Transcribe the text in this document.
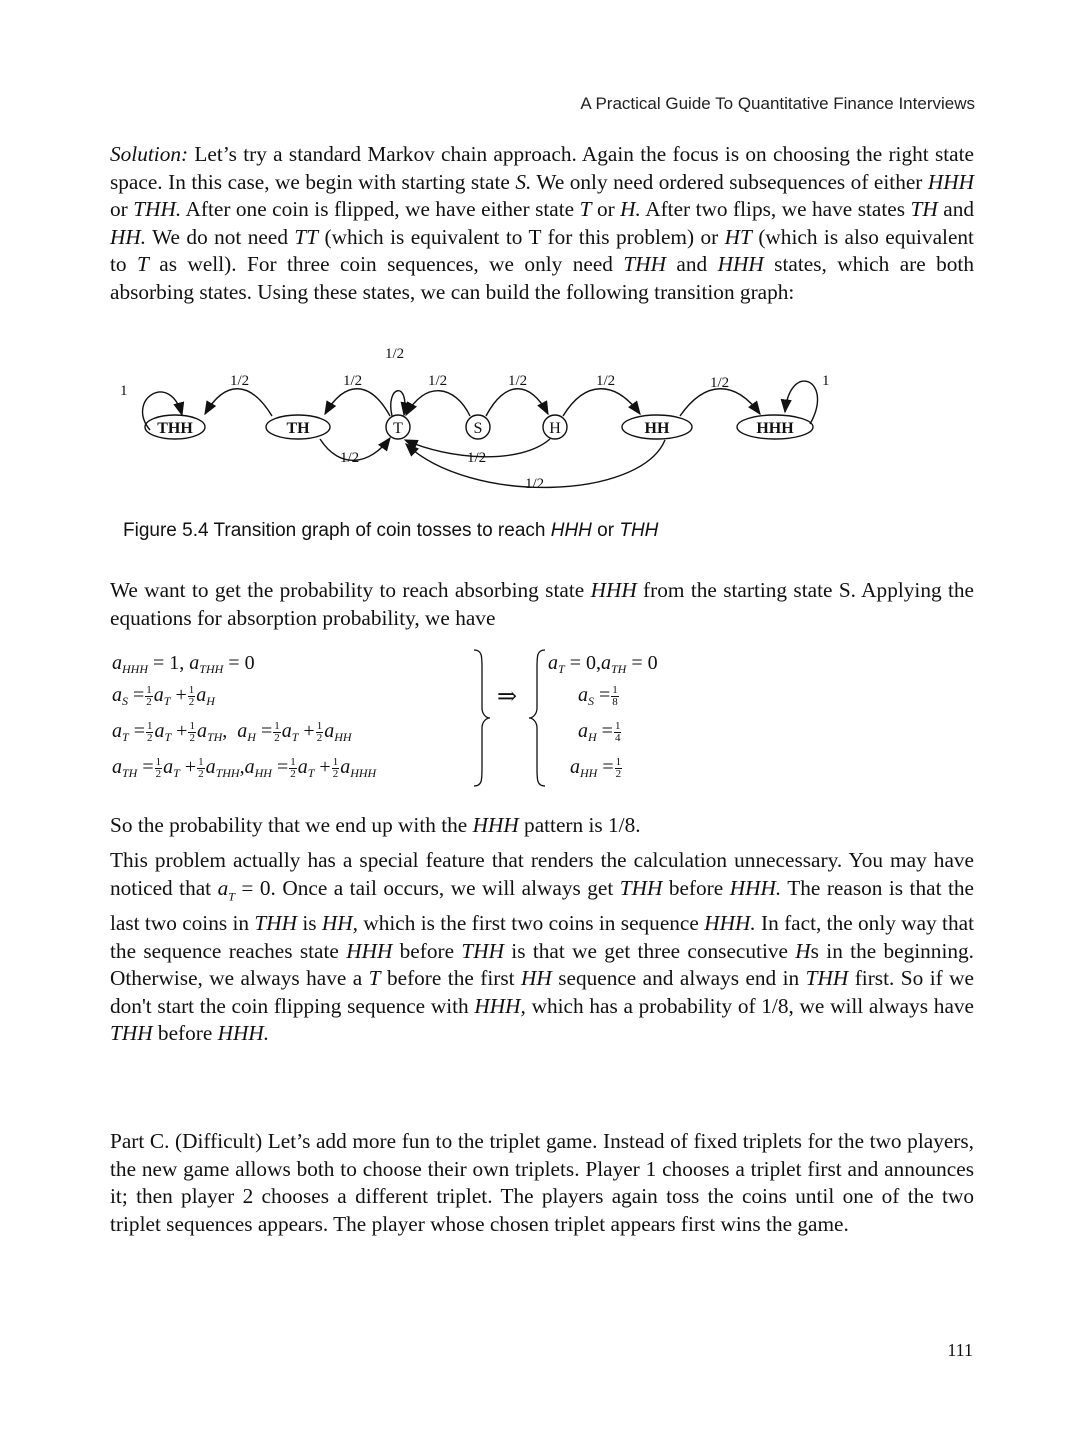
A Practical Guide To Quantitative Finance Interviews

Solution: Let’s try a standard Markov chain approach. Again the focus is on choosing the right state space. In this case, we begin with starting state S. We only need ordered subsequences of either HHH or THH. After one coin is flipped, we have either state T or H. After two flips, we have states TH and HH. We do not need TT (which is equivalent to T for this problem) or HT (which is also equivalent to T as well). For three coin sequences, we only need THH and HHH states, which are both absorbing states. Using these states, we can build the following transition graph:

THH	TH	T	S	H	HH	HHH
1
1
1/2	1/2
1/2
1/2	1/2	1/2	1/2
1/2	1/2
1/2
Figure 5.4 Transition graph of coin tosses to reach HHH or THH

We want to get the probability to reach absorbing state HHH from the starting state S. Applying the equations for absorption probability, we have

$a_{HHH} = 1$, $a_{THH} = 0$
$a_S = \frac{1}{2} a_T + \frac{1}{2} a_H$
$a_T = \frac{1}{2} a_T + \frac{1}{2} a_{TH}$,  $a_H = \frac{1}{2} a_T + \frac{1}{2} a_{HH}$
$a_{TH} = \frac{1}{2} a_T + \frac{1}{2} a_{THH},a_{HH} = \frac{1}{2} a_T + \frac{1}{2} a_{HHH}$
⇒
$a_T = 0,a_{TH} = 0$
$a_S = \frac{1}{8}$
$a_H = \frac{1}{4}$
$a_{HH} = \frac{1}{2}$

So the probability that we end up with the HHH pattern is 1/8.

This problem actually has a special feature that renders the calculation unnecessary. You may have noticed that $a_T = 0$. Once a tail occurs, we will always get THH before HHH. The reason is that the last two coins in THH is HH, which is the first two coins in sequence HHH. In fact, the only way that the sequence reaches state HHH before THH is that we get three consecutive Hs in the beginning. Otherwise, we always have a T before the first HH sequence and always end in THH first. So if we don't start the coin flipping sequence with HHH, which has a probability of 1/8, we will always have THH before HHH.

Part C. (Difficult) Let’s add more fun to the triplet game. Instead of fixed triplets for the two players, the new game allows both to choose their own triplets. Player 1 chooses a triplet first and announces it; then player 2 chooses a different triplet. The players again toss the coins until one of the two triplet sequences appears. The player whose chosen triplet appears first wins the game.

111
